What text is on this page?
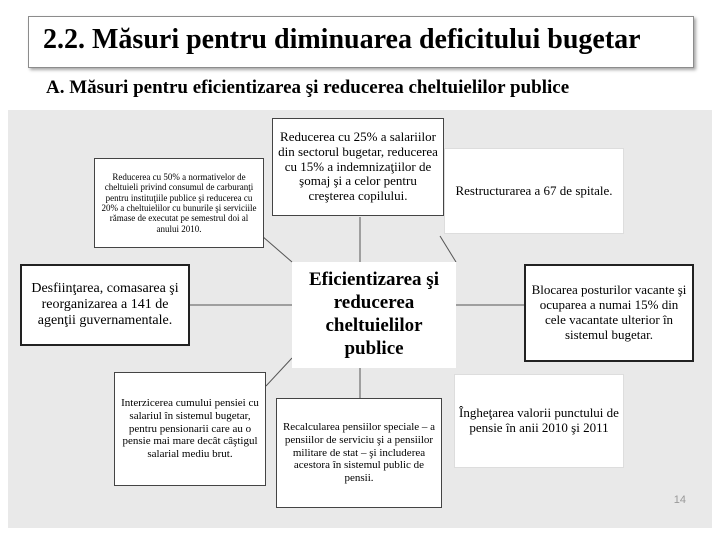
2.2. Măsuri pentru diminuarea deficitului bugetar
A. Măsuri pentru eficientizarea şi reducerea cheltuielilor publice
Reducerea cu 50% a normativelor de cheltuieli privind consumul de carburanţi pentru instituţiile publice şi reducerea cu 20% a cheltuielilor cu bunurile şi serviciile rămase de executat pe semestrul doi al anului 2010.
Reducerea cu 25% a salariilor din sectorul bugetar, reducerea cu 15% a indemnizaţiilor de şomaj şi a celor pentru creşterea copilului.	Restructurarea a 67 de spitale.
Desfiinţarea, comasarea şi reorganizarea a 141 de agenţii guvernamentale.
Eficientizarea şi reducerea cheltuielilor publice
Blocarea posturilor vacante şi ocuparea a numai 15% din cele vacantate ulterior în sistemul bugetar.
Interzicerea cumului pensiei cu salariul în sistemul bugetar, pentru pensionarii care au o pensie mai mare decât câştigul salarial mediu brut.
Recalcularea pensiilor speciale – a pensiilor de serviciu şi a pensiilor militare de stat – şi includerea acestora în sistemul public de pensii.
Îngheţarea valorii punctului de pensie în anii 2010 şi 2011
14
